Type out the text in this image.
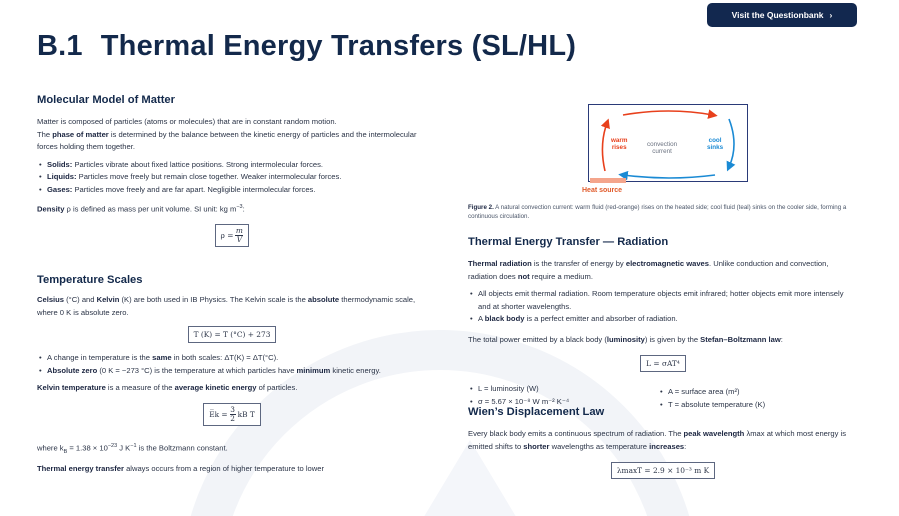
Visit the Questionbank ›
B.1 Thermal Energy Transfers (SL/HL)
Molecular Model of Matter

Matter is composed of particles (atoms or molecules) that are in constant random motion.

The phase of matter is determined by the balance between the kinetic energy of particles and the intermolecular forces holding them together.

• Solids: Particles vibrate about fixed lattice positions. Strong intermolecular forces.
• Liquids: Particles move freely but remain close together. Weaker intermolecular forces.
• Gases: Particles move freely and are far apart. Negligible intermolecular forces.

Density ρ is defined as mass per unit volume. SI unit: kg $m^{-3}$:

ρ =
m
V
Temperature Scales

Celsius (°C) and Kelvin (K) are both used in IB Physics. The Kelvin scale is the absolute thermodynamic scale, where 0 K is absolute zero.

T (K) = T (°C) + 273
• A change in temperature is the same in both scales: ΔT(K) = ΔT(°C).
• Absolute zero (0 K = −273 °C) is the temperature at which particles have minimum kinetic energy.

Kelvin temperature is a measure of the average kinetic energy of particles.

E̅k =
3
2 kB T

where $k_B = 1.38 \times 10^{-23}$ J $K^{-1}$ is the Boltzmann constant.

Thermal energy transfer always occurs from a region of higher temperature to lower

warm
rises	convection
current
cool
sinks
Heat source
Figure 2. A natural convection current: warm fluid (red-orange) rises on the heated side; cool fluid (teal) sinks on the cooler side, forming a continuous circulation.
Thermal Energy Transfer — Radiation

Thermal radiation is the transfer of energy by electromagnetic waves. Unlike conduction and convection, radiation does not require a medium.

• All objects emit thermal radiation. Room temperature objects emit infrared; hotter objects emit more intensely and at shorter wavelengths.
• A black body is a perfect emitter and absorber of radiation.

The total power emitted by a black body (luminosity) is given by the Stefan–Boltzmann law:

L = σAT⁴
• L = luminosity (W)
• σ = 5.67 × 10⁻⁸ W m⁻² K⁻⁴
• A = surface area (m²)
• T = absolute temperature (K)
Wien’s Displacement Law

Every black body emits a continuous spectrum of radiation. The peak wavelength λmax at which most energy is emitted shifts to shorter wavelengths as temperature increases:

λmaxT = 2.9 × 10⁻³ m K
